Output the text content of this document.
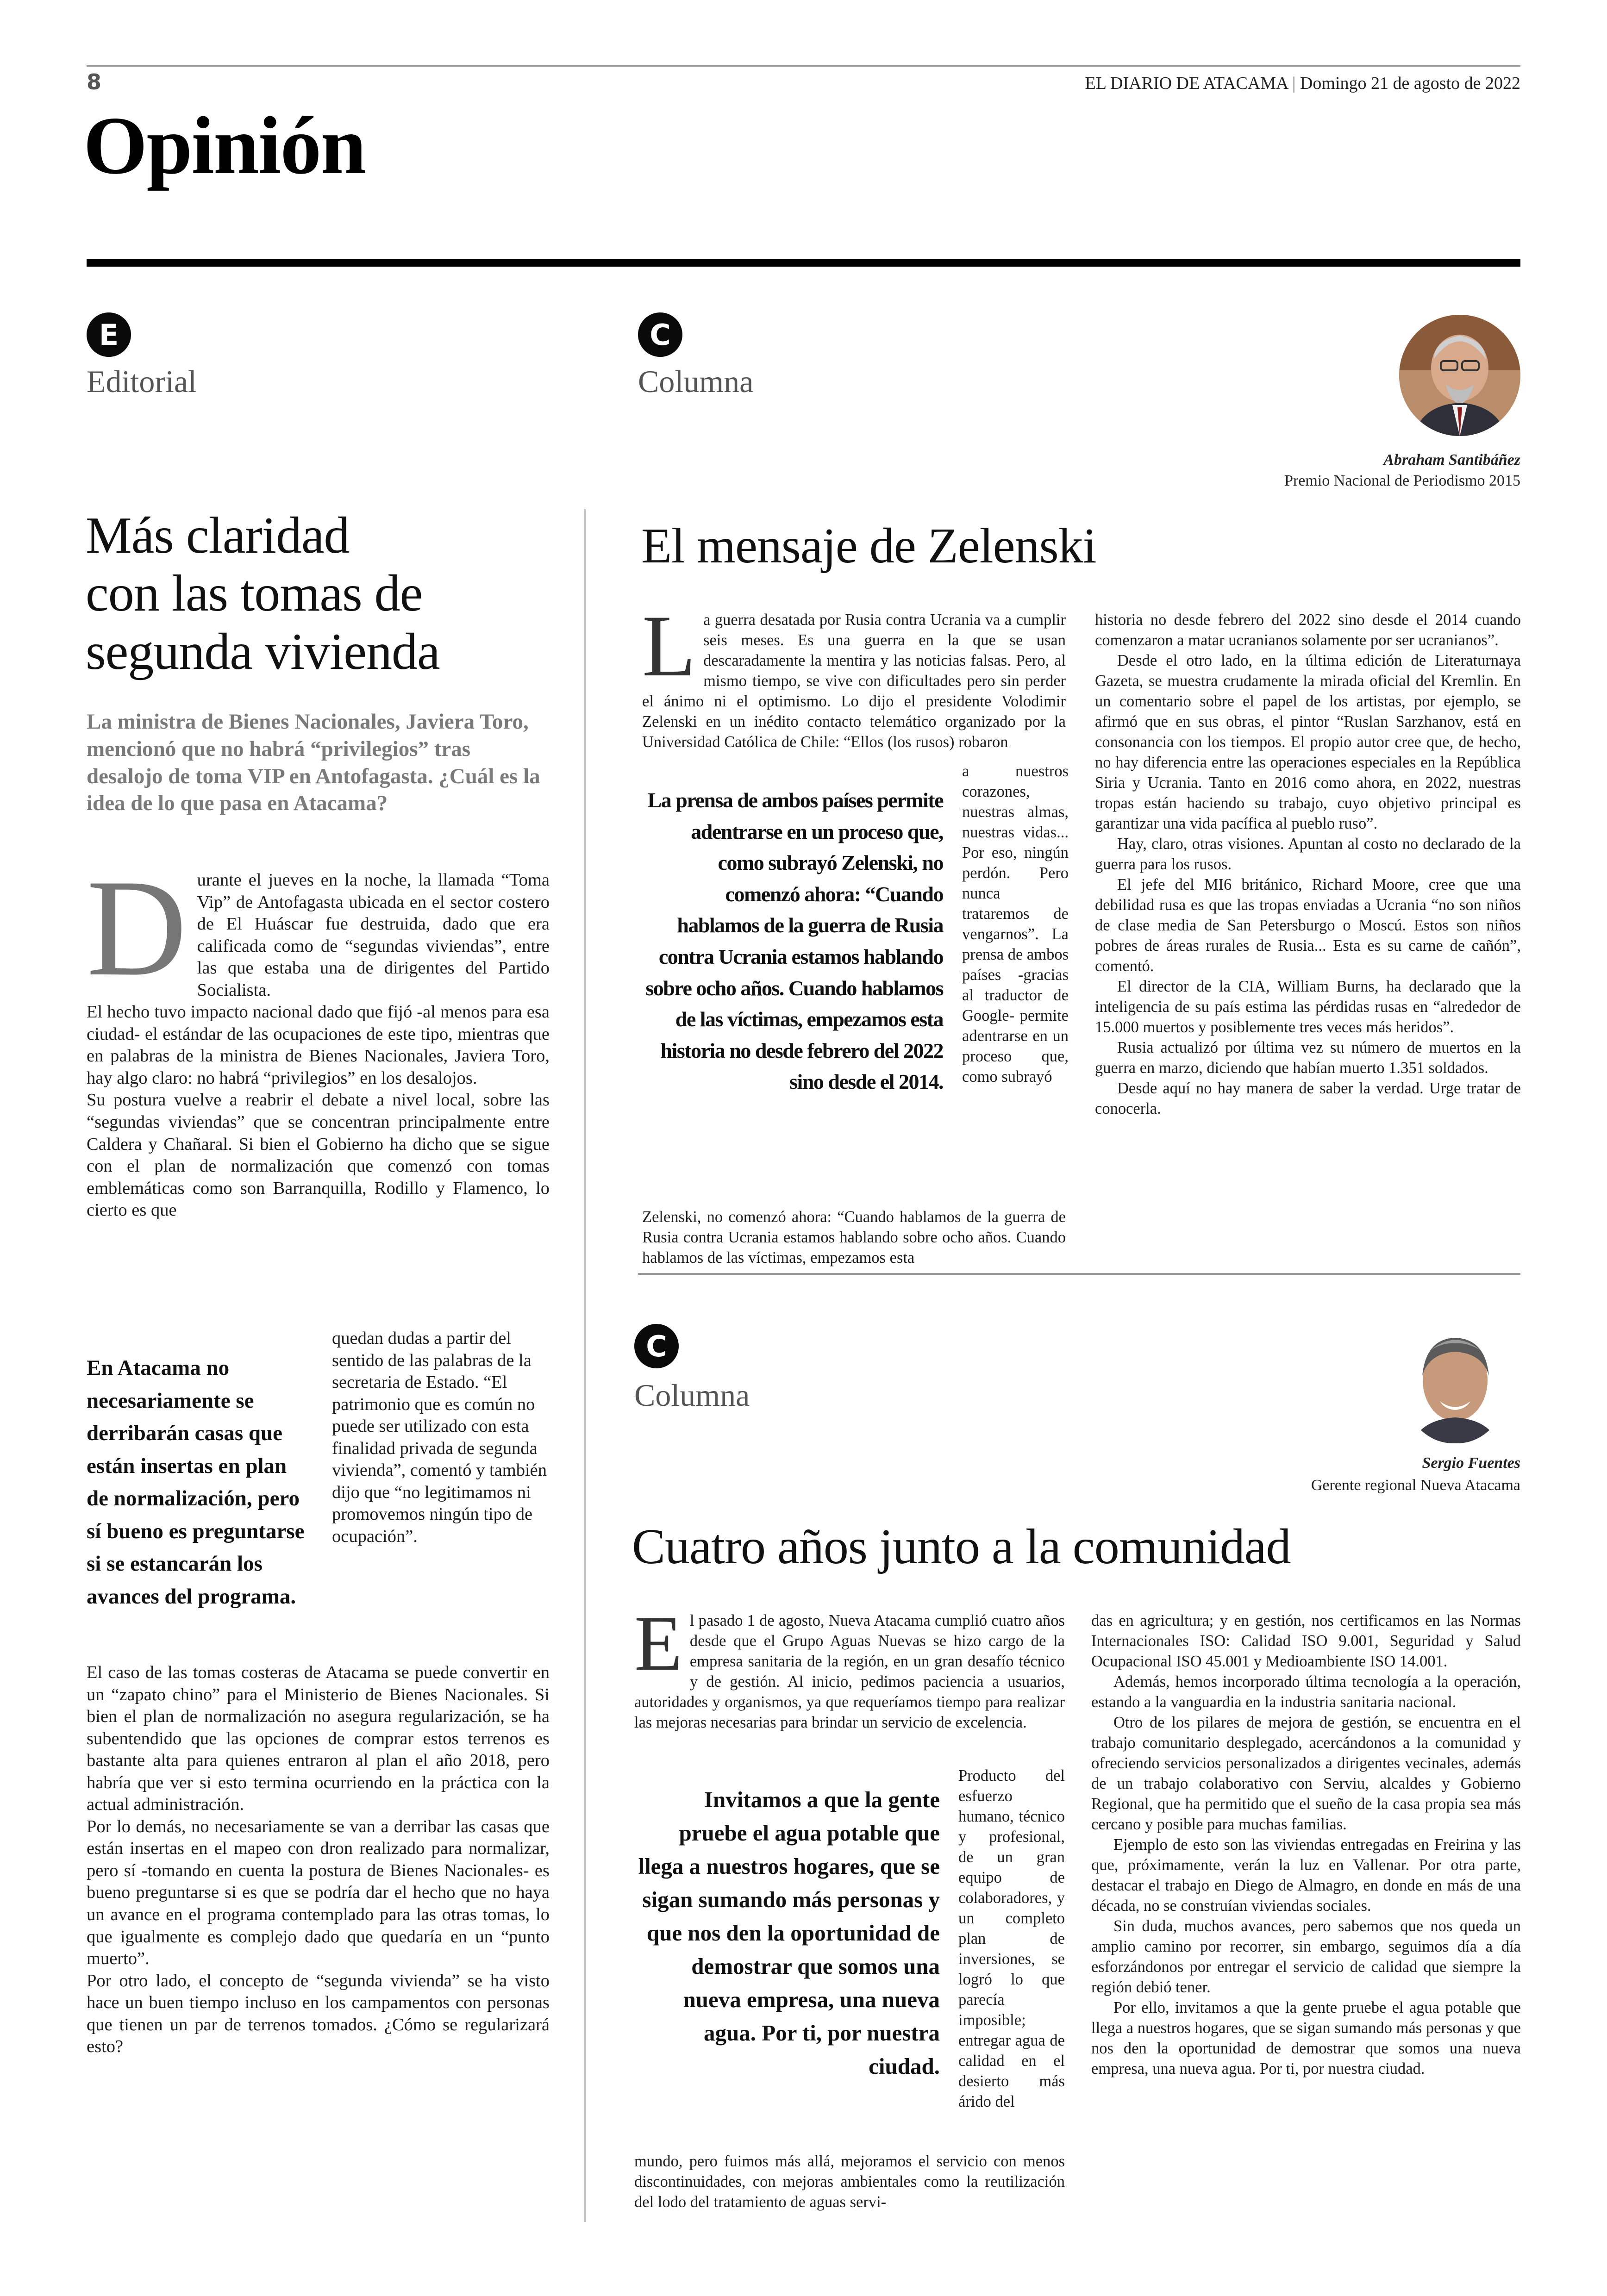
8	EL DIARIO DE ATACAMA | Domingo 21 de agosto de 2022
Opinión
E
Editorial
Más claridad
con las tomas de
segunda vivienda
La ministra de Bienes Nacionales, Javiera Toro, mencionó que no habrá “privilegios” tras desalojo de toma VIP en Antofagasta. ¿Cuál es la idea de lo que pasa en Atacama?
D urante el jueves en la noche, la llamada “Toma Vip” de Antofagasta ubicada en el sector costero de El Huáscar fue destruida, dado que era calificada como de “segundas viviendas”, entre las que estaba una de dirigentes del Partido Socialista.

El hecho tuvo impacto nacional dado que fijó -al menos para esa ciudad- el estándar de las ocupaciones de este tipo, mientras que en palabras de la ministra de Bienes Nacionales, Javiera Toro, hay algo claro: no habrá “privilegios” en los desalojos.

Su postura vuelve a reabrir el debate a nivel local, sobre las “segundas viviendas” que se concentran principalmente entre Caldera y Chañaral. Si bien el Gobierno ha dicho que se sigue con el plan de normalización que comenzó con tomas emblemáticas como son Barranquilla, Rodillo y Flamenco, lo cierto es que

En Atacama no necesariamente se derribarán casas que están insertas en plan de normalización, pero sí bueno es preguntarse si se estancarán los avances del programa.

quedan dudas a partir del sentido de las palabras de la secretaria de Estado. “El patrimonio que es común no puede ser utilizado con esta finalidad privada de segunda vivienda”, comentó y también dijo que “no legitimamos ni promovemos ningún tipo de ocupación”.

El caso de las tomas costeras de Atacama se puede convertir en un “zapato chino” para el Ministerio de Bienes Nacionales. Si bien el plan de normalización no asegura regularización, se ha subentendido que las opciones de comprar estos terrenos es bastante alta para quienes entraron al plan el año 2018, pero habría que ver si esto termina ocurriendo en la práctica con la actual administración.

Por lo demás, no necesariamente se van a derribar las casas que están insertas en el mapeo con dron realizado para normalizar, pero sí -tomando en cuenta la postura de Bienes Nacionales- es bueno preguntarse si es que se podría dar el hecho que no haya un avance en el programa contemplado para las otras tomas, lo que igualmente es complejo dado que quedaría en un “punto muerto”.

Por otro lado, el concepto de “segunda vivienda” se ha visto hace un buen tiempo incluso en los campamentos con personas que tienen un par de terrenos tomados. ¿Cómo se regularizará esto?

C
Columna
Abraham Santibáñez
Premio Nacional de Periodismo 2015
El mensaje de Zelenski
L a guerra desatada por Rusia contra Ucrania va a cumplir seis meses. Es una guerra en la que se usan descaradamente la mentira y las noticias falsas. Pero, al mismo tiempo, se vive con dificultades pero sin perder el ánimo ni el optimismo. Lo dijo el presidente Volodimir Zelenski en un inédito contacto telemático organizado por la Universidad Católica de Chile: “Ellos (los rusos) robaron

La prensa de ambos países permite adentrarse en un proceso que, como subrayó Zelenski, no comenzó ahora: “Cuando hablamos de la guerra de Rusia contra Ucrania estamos hablando sobre ocho años. Cuando hablamos de las víctimas, empezamos esta historia no desde febrero del 2022 sino desde el 2014.

a nuestros corazones, nuestras almas, nuestras vidas... Por eso, ningún perdón. Pero nunca trataremos de vengarnos”. La prensa de ambos países -gracias al traductor de Google- permite adentrarse en un proceso que, como subrayó

Zelenski, no comenzó ahora: “Cuando hablamos de la guerra de Rusia contra Ucrania estamos hablando sobre ocho años. Cuando hablamos de las víctimas, empezamos esta

historia no desde febrero del 2022 sino desde el 2014 cuando comenzaron a matar ucranianos solamente por ser ucranianos”.

Desde el otro lado, en la última edición de Literaturnaya Gazeta, se muestra crudamente la mirada oficial del Kremlin. En un comentario sobre el papel de los artistas, por ejemplo, se afirmó que en sus obras, el pintor “Ruslan Sarzhanov, está en consonancia con los tiempos. El propio autor cree que, de hecho, no hay diferencia entre las operaciones especiales en la República Siria y Ucrania. Tanto en 2016 como ahora, en 2022, nuestras tropas están haciendo su trabajo, cuyo objetivo principal es garantizar una vida pacífica al pueblo ruso”.

Hay, claro, otras visiones. Apuntan al costo no declarado de la guerra para los rusos.

El jefe del MI6 británico, Richard Moore, cree que una debilidad rusa es que las tropas enviadas a Ucrania “no son niños de clase media de San Petersburgo o Moscú. Estos son niños pobres de áreas rurales de Rusia... Esta es su carne de cañón”, comentó.

El director de la CIA, William Burns, ha declarado que la inteligencia de su país estima las pérdidas rusas en “alrededor de 15.000 muertos y posiblemente tres veces más heridos”.

Rusia actualizó por última vez su número de muertos en la guerra en marzo, diciendo que habían muerto 1.351 soldados.

Desde aquí no hay manera de saber la verdad. Urge tratar de conocerla.

C
Columna
Sergio Fuentes
Gerente regional Nueva Atacama
Cuatro años junto a la comunidad
E l pasado 1 de agosto, Nueva Atacama cumplió cuatro años desde que el Grupo Aguas Nuevas se hizo cargo de la empresa sanitaria de la región, en un gran desafío técnico y de gestión. Al inicio, pedimos paciencia a usuarios, autoridades y organismos, ya que requeríamos tiempo para realizar las mejoras necesarias para brindar un servicio de excelencia.

Invitamos a que la gente pruebe el agua potable que llega a nuestros hogares, que se sigan sumando más personas y que nos den la oportunidad de demostrar que somos una nueva empresa, una nueva agua. Por ti, por nuestra ciudad.

Producto del esfuerzo humano, técnico y profesional, de un gran equipo de colaboradores, y un completo plan de inversiones, se logró lo que parecía imposible; entregar agua de calidad en el desierto más árido del

mundo, pero fuimos más allá, mejoramos el servicio con menos discontinuidades, con mejoras ambientales como la reutilización del lodo del tratamiento de aguas servi-

das en agricultura; y en gestión, nos certificamos en las Normas Internacionales ISO: Calidad ISO 9.001, Seguridad y Salud Ocupacional ISO 45.001 y Medioambiente ISO 14.001.

Además, hemos incorporado última tecnología a la operación, estando a la vanguardia en la industria sanitaria nacional.

Otro de los pilares de mejora de gestión, se encuentra en el trabajo comunitario desplegado, acercándonos a la comunidad y ofreciendo servicios personalizados a dirigentes vecinales, además de un trabajo colaborativo con Serviu, alcaldes y Gobierno Regional, que ha permitido que el sueño de la casa propia sea más cercano y posible para muchas familias.

Ejemplo de esto son las viviendas entregadas en Freirina y las que, próximamente, verán la luz en Vallenar. Por otra parte, destacar el trabajo en Diego de Almagro, en donde en más de una década, no se construían viviendas sociales.

Sin duda, muchos avances, pero sabemos que nos queda un amplio camino por recorrer, sin embargo, seguimos día a día esforzándonos por entregar el servicio de calidad que siempre la región debió tener.

Por ello, invitamos a que la gente pruebe el agua potable que llega a nuestros hogares, que se sigan sumando más personas y que nos den la oportunidad de demostrar que somos una nueva empresa, una nueva agua. Por ti, por nuestra ciudad.
